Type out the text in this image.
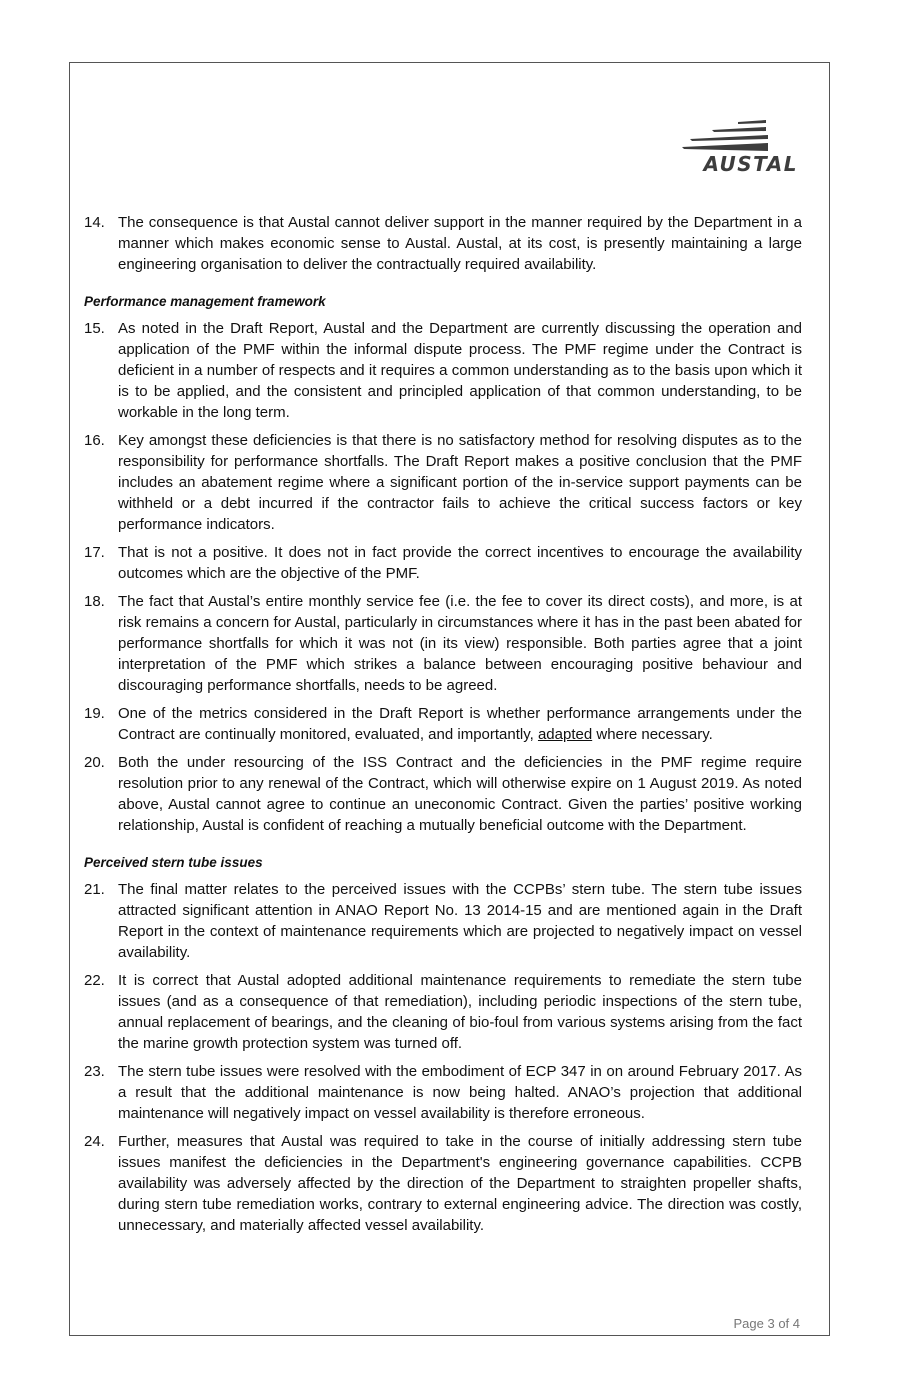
AUSTAL
14. The consequence is that Austal cannot deliver support in the manner required by the Department in a manner which makes economic sense to Austal. Austal, at its cost, is presently maintaining a large engineering organisation to deliver the contractually required availability.
Performance management framework
15. As noted in the Draft Report, Austal and the Department are currently discussing the operation and application of the PMF within the informal dispute process. The PMF regime under the Contract is deficient in a number of respects and it requires a common understanding as to the basis upon which it is to be applied, and the consistent and principled application of that common understanding, to be workable in the long term.
16. Key amongst these deficiencies is that there is no satisfactory method for resolving disputes as to the responsibility for performance shortfalls. The Draft Report makes a positive conclusion that the PMF includes an abatement regime where a significant portion of the in-service support payments can be withheld or a debt incurred if the contractor fails to achieve the critical success factors or key performance indicators.
17. That is not a positive. It does not in fact provide the correct incentives to encourage the availability outcomes which are the objective of the PMF.
18. The fact that Austal’s entire monthly service fee (i.e. the fee to cover its direct costs), and more, is at risk remains a concern for Austal, particularly in circumstances where it has in the past been abated for performance shortfalls for which it was not (in its view) responsible. Both parties agree that a joint interpretation of the PMF which strikes a balance between encouraging positive behaviour and discouraging performance shortfalls, needs to be agreed.
19. One of the metrics considered in the Draft Report is whether performance arrangements under the Contract are continually monitored, evaluated, and importantly, adapted where necessary.
20. Both the under resourcing of the ISS Contract and the deficiencies in the PMF regime require resolution prior to any renewal of the Contract, which will otherwise expire on 1 August 2019. As noted above, Austal cannot agree to continue an uneconomic Contract. Given the parties’ positive working relationship, Austal is confident of reaching a mutually beneficial outcome with the Department.
Perceived stern tube issues
21. The final matter relates to the perceived issues with the CCPBs’ stern tube. The stern tube issues attracted significant attention in ANAO Report No. 13 2014-15 and are mentioned again in the Draft Report in the context of maintenance requirements which are projected to negatively impact on vessel availability.
22. It is correct that Austal adopted additional maintenance requirements to remediate the stern tube issues (and as a consequence of that remediation), including periodic inspections of the stern tube, annual replacement of bearings, and the cleaning of bio-foul from various systems arising from the fact the marine growth protection system was turned off.
23. The stern tube issues were resolved with the embodiment of ECP 347 in on around February 2017. As a result that the additional maintenance is now being halted. ANAO’s projection that additional maintenance will negatively impact on vessel availability is therefore erroneous.
24. Further, measures that Austal was required to take in the course of initially addressing stern tube issues manifest the deficiencies in the Department's engineering governance capabilities. CCPB availability was adversely affected by the direction of the Department to straighten propeller shafts, during stern tube remediation works, contrary to external engineering advice. The direction was costly, unnecessary, and materially affected vessel availability.
Page 3 of 4
